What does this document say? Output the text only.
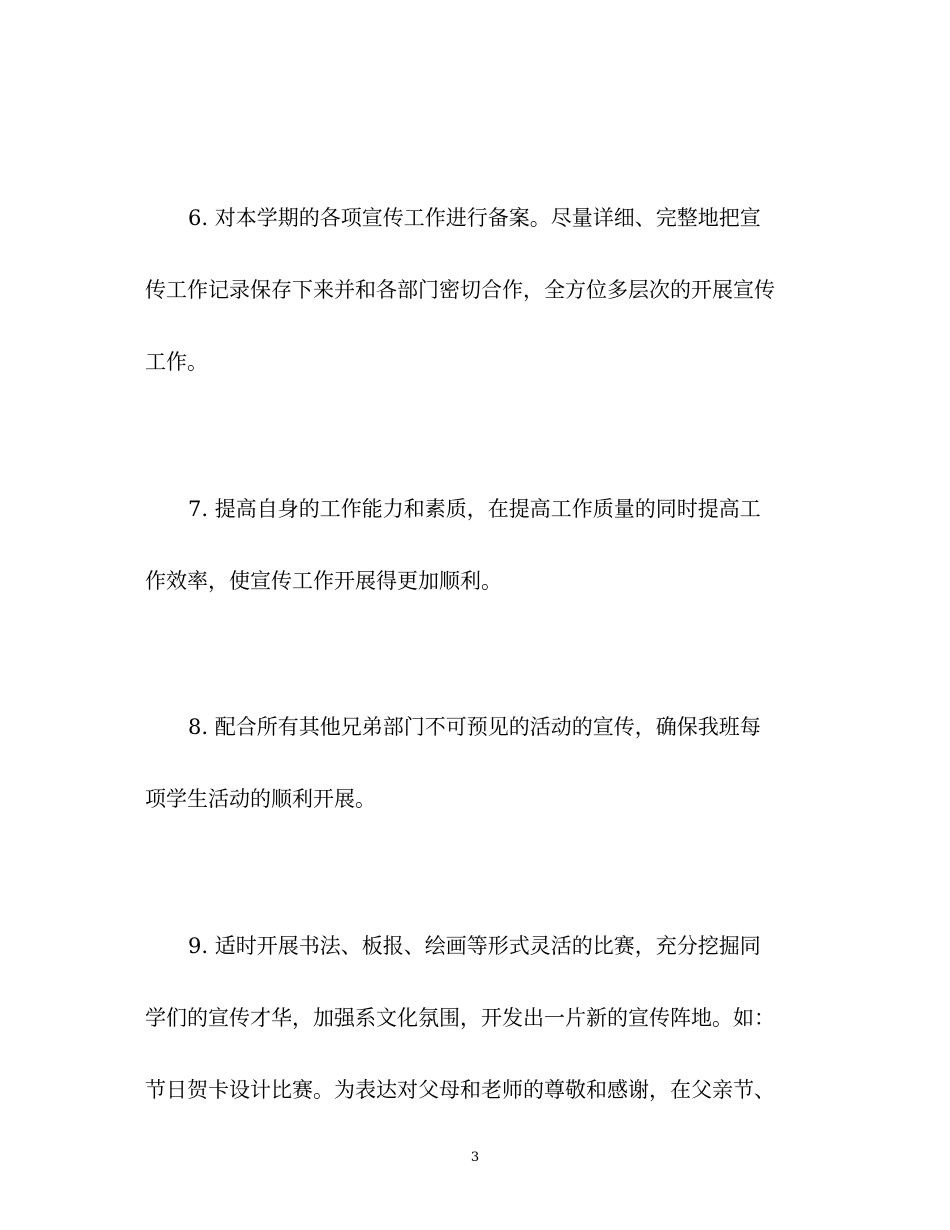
6. 对本学期的各项宣传工作进行备案。尽量详细、完整地把宣
传工作记录保存下来并和各部门密切合作，全方位多层次的开展宣传
工作。
7. 提高自身的工作能力和素质，在提高工作质量的同时提高工
作效率，使宣传工作开展得更加顺利。
8. 配合所有其他兄弟部门不可预见的活动的宣传，确保我班每
项学生活动的顺利开展。
9. 适时开展书法、板报、绘画等形式灵活的比赛，充分挖掘同
学们的宣传才华，加强系文化氛围，开发出一片新的宣传阵地。如：
节日贺卡设计比赛。为表达对父母和老师的尊敬和感谢，在父亲节、
3
